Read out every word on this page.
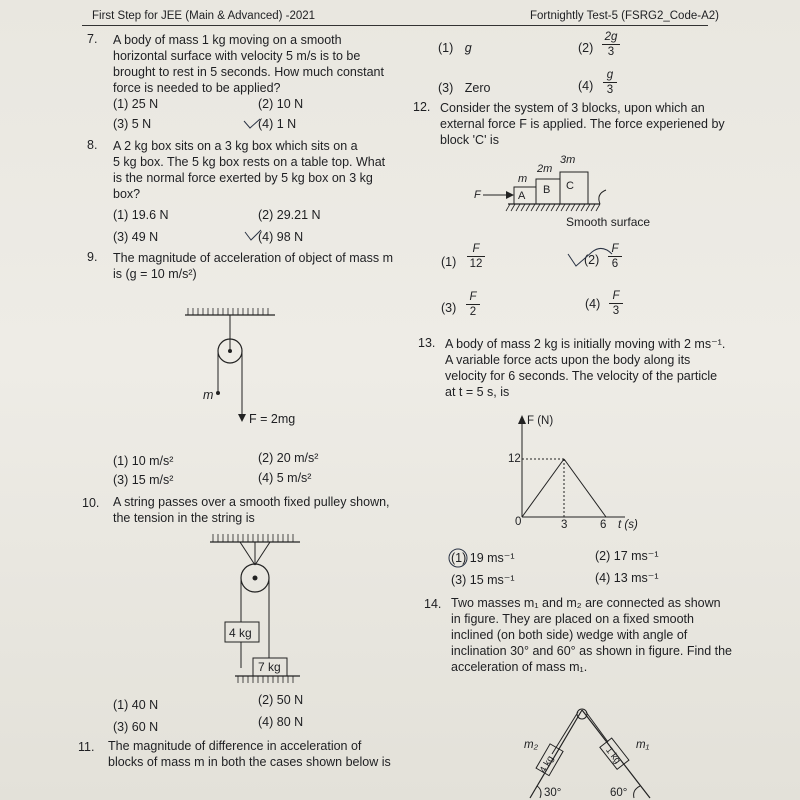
First Step for JEE (Main & Advanced) -2021	Fortnightly Test-5 (FSRG2_Code-A2)
7. A body of mass 1 kg moving on a smooth
horizontal surface with velocity 5 m/s is to be
brought to rest in 5 seconds. How much constant
force is needed to be applied?
(1) 25 N	(2) 10 N
(3) 5 N	(4) 1 N
8. A 2 kg box sits on a 3 kg box which sits on a
5 kg box. The 5 kg box rests on a table top. What
is the normal force exerted by 5 kg box on 3 kg
box?
(1) 19.6 N	(2) 29.21 N
(3) 49 N	(4) 98 N
9. The magnitude of acceleration of object of mass m
is (g = 10 m/s²)
m
F = 2mg
(1) 10 m/s²	(2) 20 m/s²
(3) 15 m/s²	(4) 5 m/s²
10. A string passes over a smooth fixed pulley shown,
the tension in the string is
4 kg
7 kg
(1) 40 N	(2) 50 N
(3) 60 N	(4) 80 N
11. The magnitude of difference in acceleration of
blocks of mass m in both the cases shown below is
(1) g	(2)
2g
3
(3) Zero	(4)
g
3
12. Consider the system of 3 blocks, upon which an
external force F is applied. The force experiened by
block 'C' is
F
m
2m
3m
A B C
Smooth surface
(1)
F
12	(2)
F
6
(3)
F
2
(4)
F
3
13. A body of mass 2 kg is initially moving with 2 ms⁻¹.
A variable force acts upon the body along its
velocity for 6 seconds. The velocity of the particle
at t = 5 s, is
F (N)
12
0	3	6 t (s)
(1) 19 ms⁻¹	(2) 17 ms⁻¹
(3) 15 ms⁻¹	(4) 13 ms⁻¹
14. Two masses m₁ and m₂ are connected as shown
in figure. They are placed on a fixed smooth
inclined (on both side) wedge with angle of
inclination 30° and 60° as shown in figure. Find the
acceleration of mass m₁.
m₂	m₁
4 kg	1 kg
30°	60°
